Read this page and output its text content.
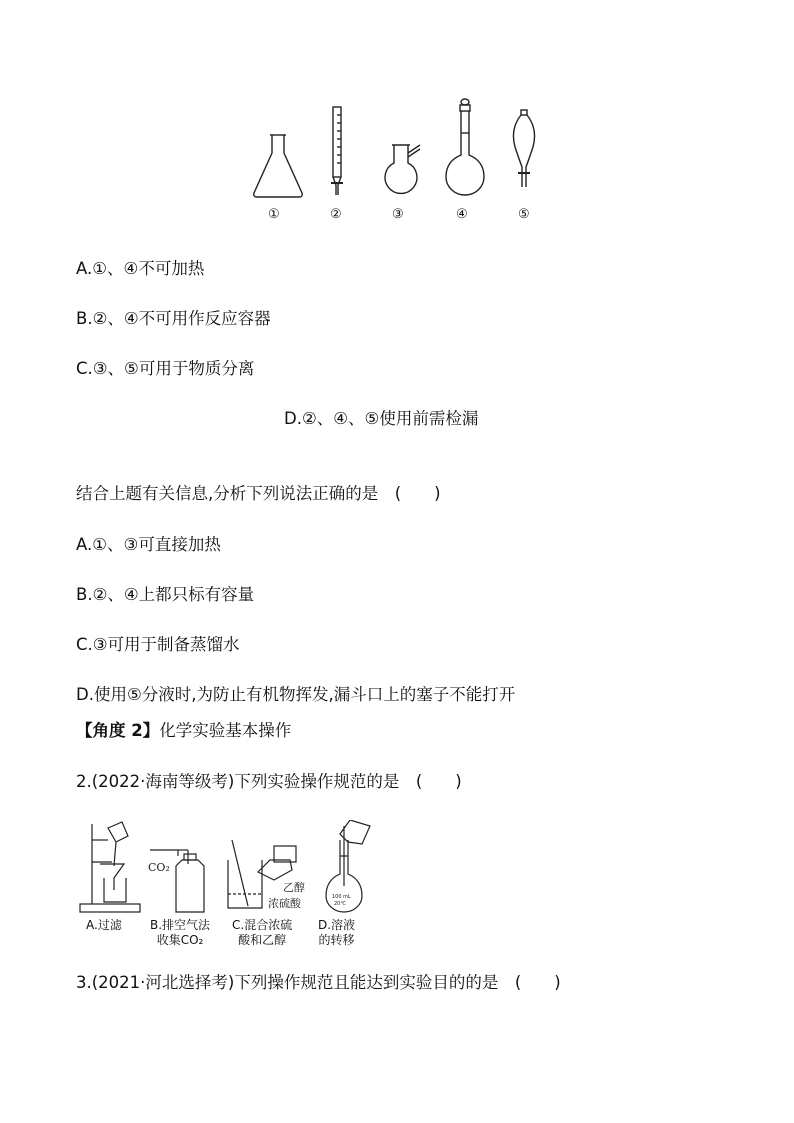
①	②	③	④	⑤
A.①、④不可加热
B.②、④不可用作反应容器
C.③、⑤可用于物质分离
D.②、④、⑤使用前需检漏
结合上题有关信息,分析下列说法正确的是　(　　)
A.①、③可直接加热
B.②、④上都只标有容量
C.③可用于制备蒸馏水
D.使用⑤分液时,为防止有机物挥发,漏斗口上的塞子不能打开
【角度 2】化学实验基本操作
2.(2022·海南等级考)下列实验操作规范的是　(　　)
CO₂
乙醇
浓硫酸	100 mL
20℃
A.过滤 B.排空气法
收集CO₂
C.混合浓硫
酸和乙醇
D.溶液
的转移
3.(2021·河北选择考)下列操作规范且能达到实验目的的是　(　　)
